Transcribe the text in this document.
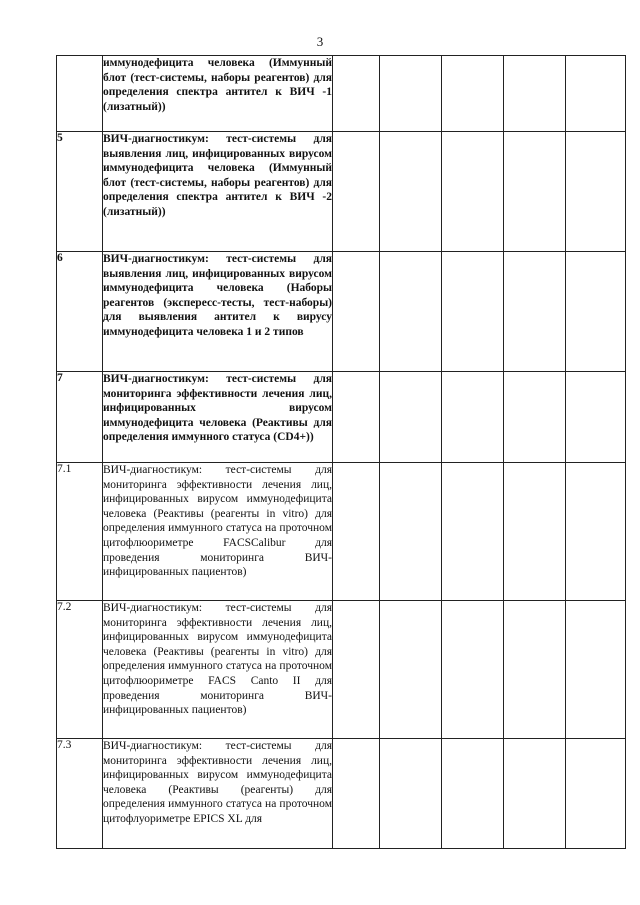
3

	иммунодефицита человека (Иммунный блот (тест-системы, наборы реагентов) для определения спектра антител к ВИЧ -1 (лизатный))					

5	ВИЧ-диагностикум: тест-системы для выявления лиц, инфицированных вирусом иммунодефицита человека (Иммунный блот (тест-системы, наборы реагентов) для определения спектра антител к ВИЧ -2 (лизатный))					

6	ВИЧ-диагностикум: тест-системы для выявления лиц, инфицированных вирусом иммунодефицита человека (Наборы реагентов (экспересс-тесты, тест-наборы) для выявления антител к вирусу иммунодефицита человека 1 и 2 типов					

7	ВИЧ-диагностикум: тест-системы для мониторинга эффективности лечения лиц, инфицированных вирусом иммунодефицита человека (Реактивы для определения иммунного статуса (CD4+))					

7.1	ВИЧ-диагностикум: тест-системы для мониторинга эффективности лечения лиц, инфицированных вирусом иммунодефицита человека (Реактивы (реагенты in vitro) для определения иммунного статуса на проточном цитофлюориметре FACSCalibur для проведения мониторинга ВИЧ-инфицированных пациентов)					

7.2	ВИЧ-диагностикум: тест-системы для мониторинга эффективности лечения лиц, инфицированных вирусом иммунодефицита человека (Реактивы (реагенты in vitro) для определения иммунного статуса на проточном цитофлюориметре FACS Canto II для проведения мониторинга ВИЧ-инфицированных пациентов)					

7.3	ВИЧ-диагностикум: тест-системы для мониторинга эффективности лечения лиц, инфицированных вирусом иммунодефицита человека (Реактивы (реагенты) для определения иммунного статуса на проточном цитофлуориметре EPICS XL для					
